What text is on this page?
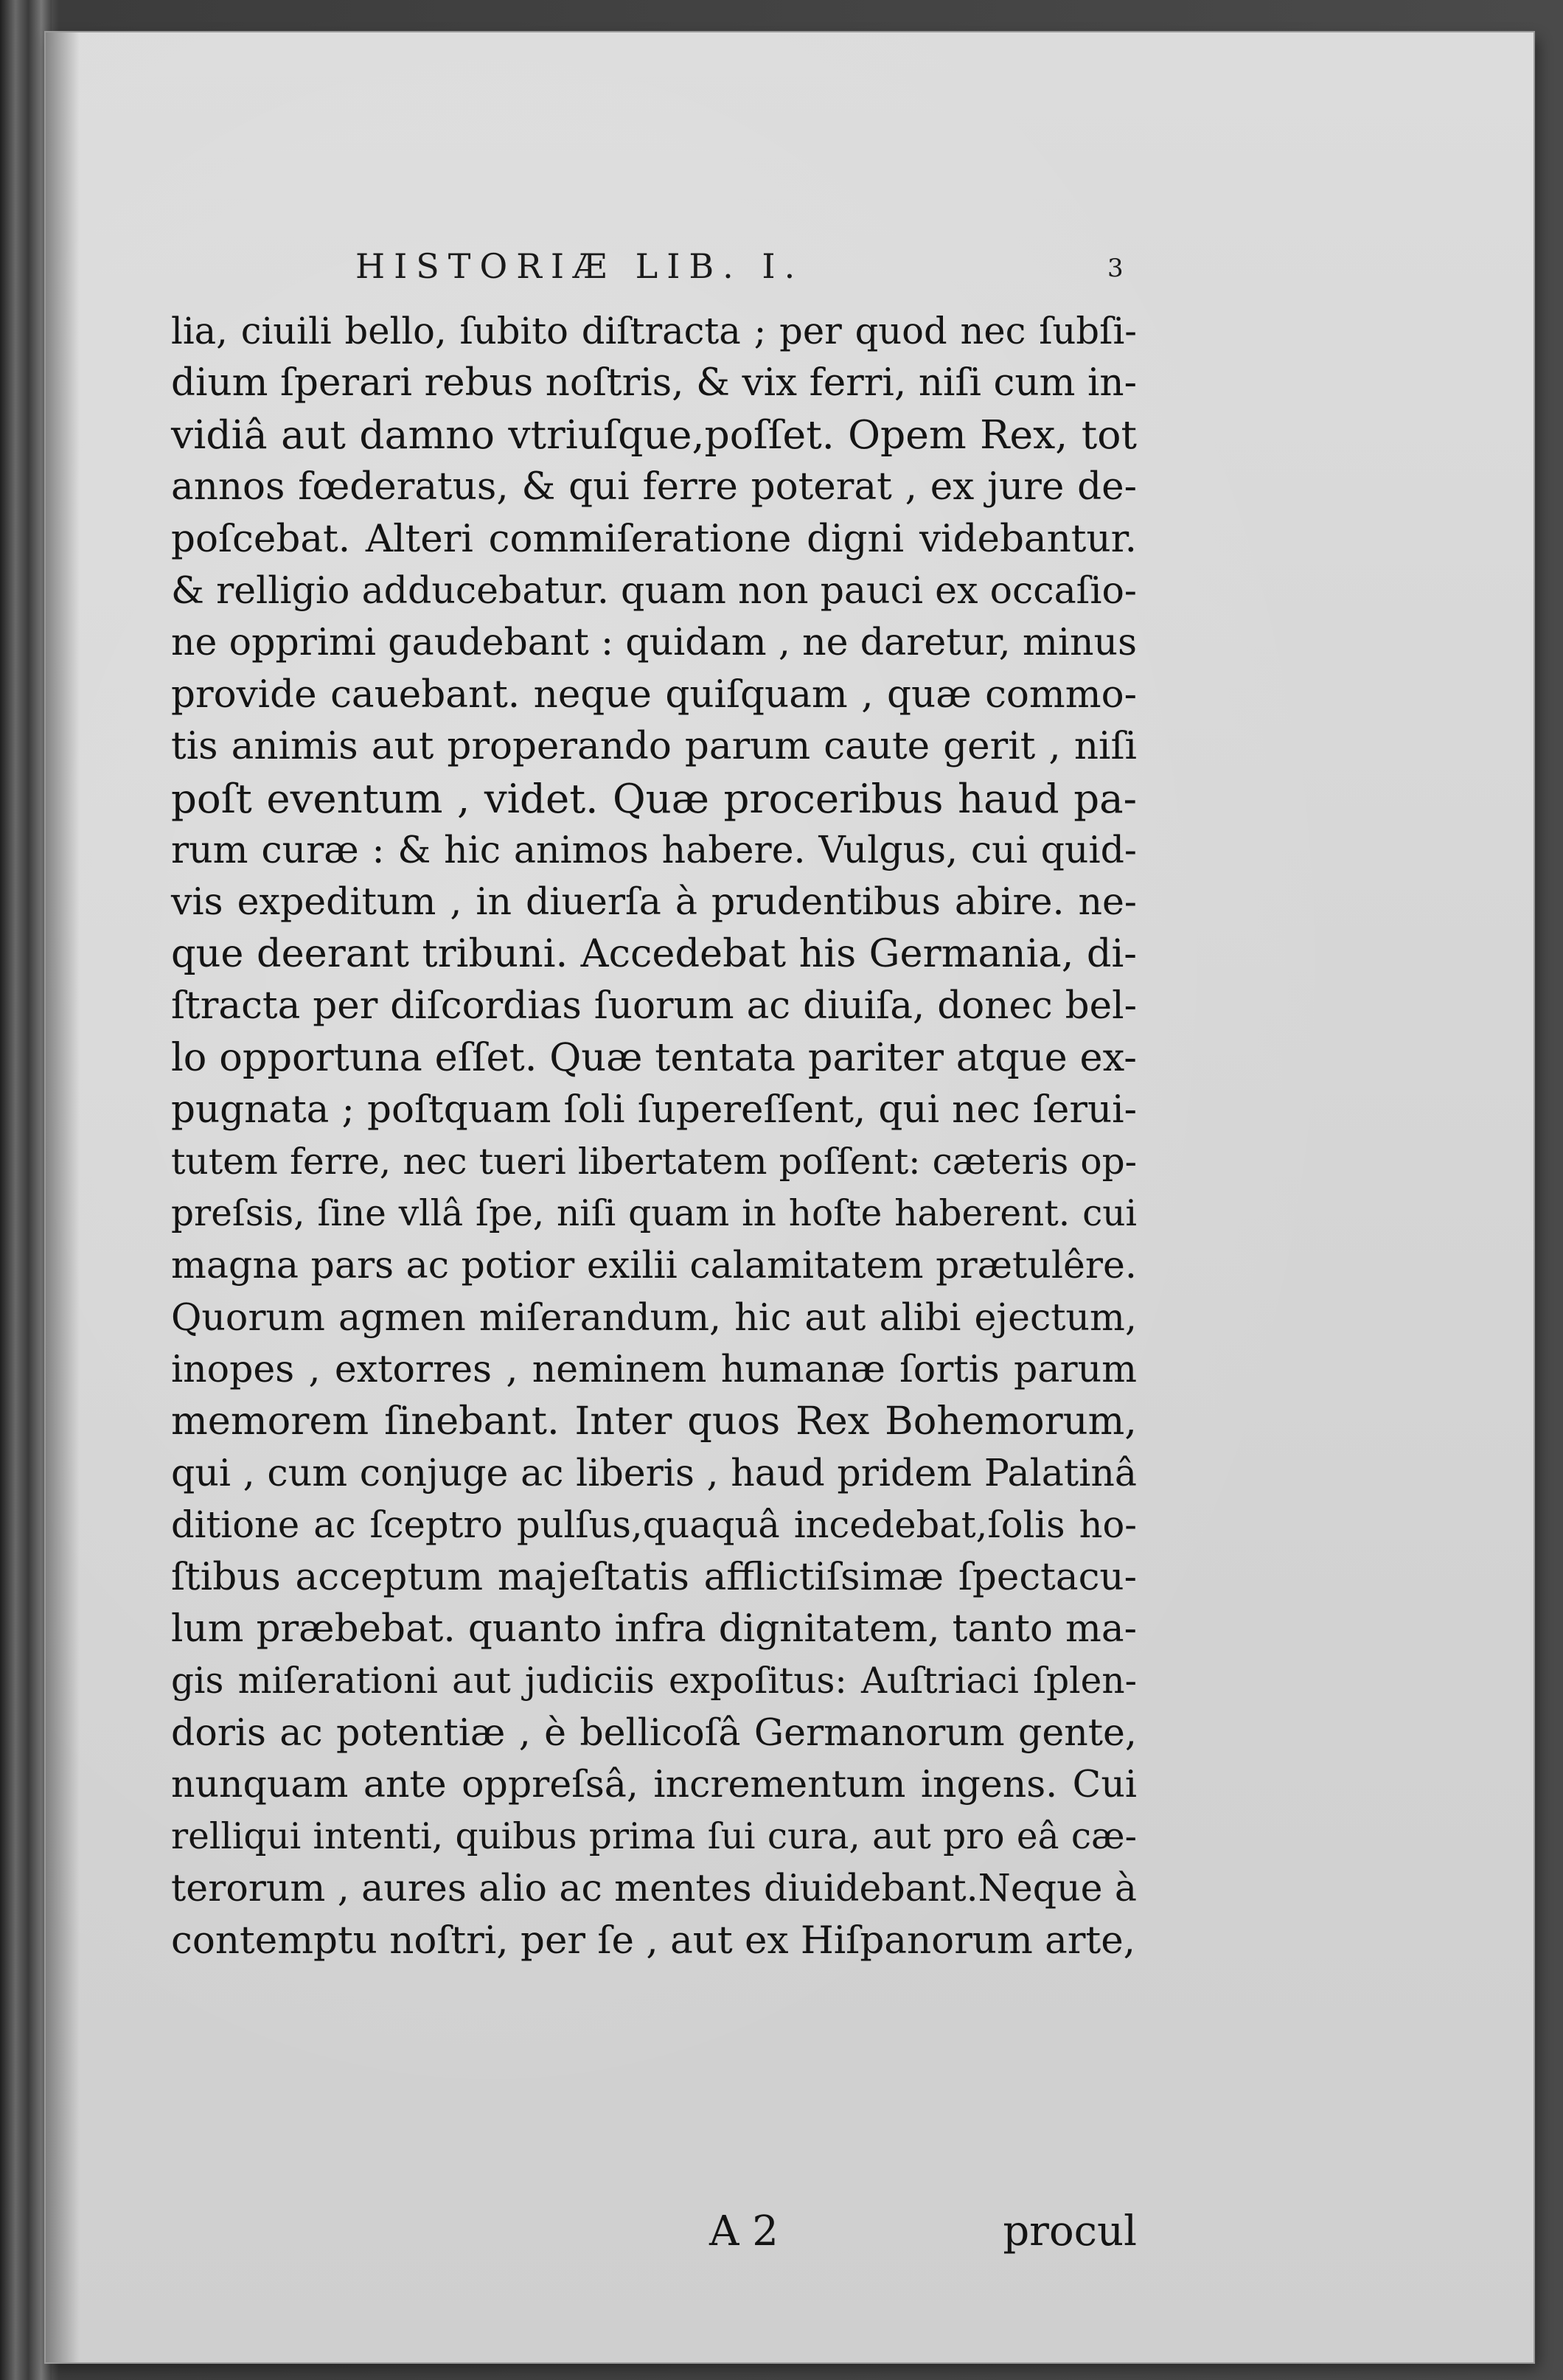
HISTORIÆ LIB. I.	3
lia, ciuili bello, ſubito diſtracta ; per quod nec ſubſi-
dium ſperari rebus noſtris, & vix ferri, niſi cum in-
vidiâ aut damno vtriuſque,poſſet. Opem Rex, tot
annos fœderatus, & qui ferre poterat , ex jure de-
poſcebat. Alteri commiſeratione digni videbantur.
& relligio adducebatur. quam non pauci ex occaſio-
ne opprimi gaudebant : quidam , ne daretur, minus
provide cauebant. neque quiſquam , quæ commo-
tis animis aut properando parum caute gerit , niſi
poſt eventum , videt. Quæ proceribus haud pa-
rum curæ : & hic animos habere. Vulgus, cui quid-
vis expeditum , in diuerſa à prudentibus abire. ne-
que deerant tribuni. Accedebat his Germania, di-
ſtracta per diſcordias ſuorum ac diuiſa, donec bel-
lo opportuna eſſet. Quæ tentata pariter atque ex-
pugnata ; poſtquam ſoli ſupereſſent, qui nec ſerui-
tutem ferre, nec tueri libertatem poſſent: cæteris op-
preſsis, ſine vllâ ſpe, niſi quam in hoſte haberent. cui
magna pars ac potior exilii calamitatem prætulêre.
Quorum agmen miſerandum, hic aut alibi ejectum,
inopes , extorres , neminem humanæ ſortis parum
memorem ſinebant. Inter quos Rex Bohemorum,
qui , cum conjuge ac liberis , haud pridem Palatinâ
ditione ac ſceptro pulſus,quaquâ incedebat,ſolis ho-
ſtibus acceptum majeſtatis afflictiſsimæ ſpectacu-
lum præbebat. quanto infra dignitatem, tanto ma-
gis miſerationi aut judiciis expoſitus: Auſtriaci ſplen-
doris ac potentiæ , è bellicoſâ Germanorum gente,
nunquam ante oppreſsâ, incrementum ingens. Cui
relliqui intenti, quibus prima ſui cura, aut pro eâ cæ-
terorum , aures alio ac mentes diuidebant.Neque à
contemptu noſtri, per ſe , aut ex Hiſpanorum arte,
A 2	procul
